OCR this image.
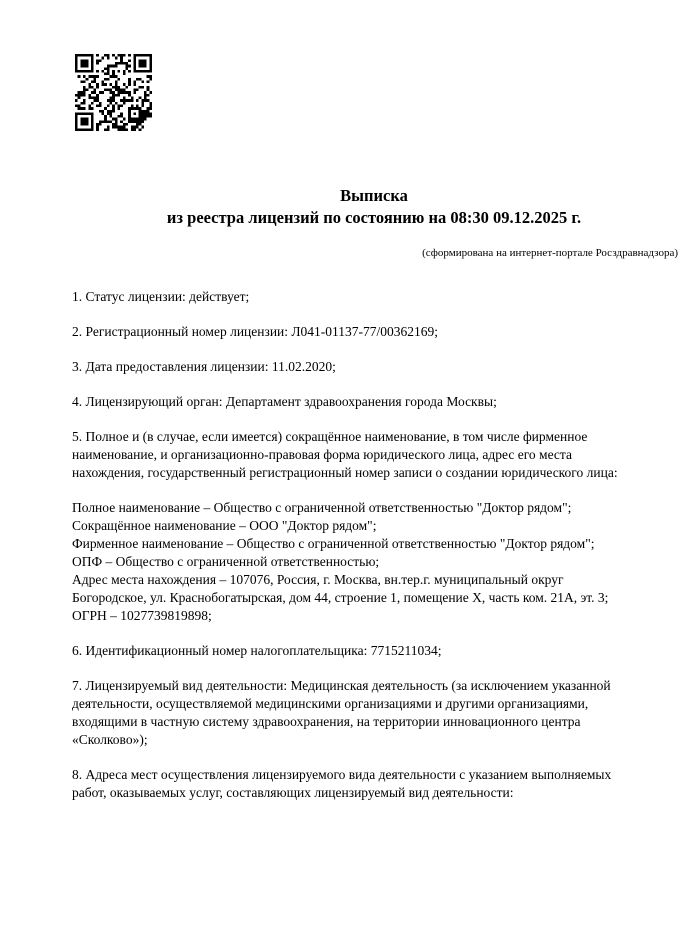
Выписка
из реестра лицензий по состоянию на 08:30 09.12.2025 г.
(сформирована на интернет-портале Росздравнадзора)
1. Статус лицензии: действует;
2. Регистрационный номер лицензии: Л041-01137-77/00362169;
3. Дата предоставления лицензии: 11.02.2020;
4. Лицензирующий орган: Департамент здравоохранения города Москвы;
5. Полное и (в случае, если имеется) сокращённое наименование, в том числе фирменное
наименование, и организационно-правовая форма юридического лица, адрес его места
нахождения, государственный регистрационный номер записи о создании юридического лица:
Полное наименование – Общество с ограниченной ответственностью "Доктор рядом";
Сокращённое наименование – ООО "Доктор рядом";
Фирменное наименование – Общество с ограниченной ответственностью "Доктор рядом";
ОПФ – Общество с ограниченной ответственностью;
Адрес места нахождения – 107076, Россия, г. Москва, вн.тер.г. муниципальный округ
Богородское, ул. Краснобогатырская, дом 44, строение 1, помещение X, часть ком. 21А, эт. 3;
ОГРН – 1027739819898;
6. Идентификационный номер налогоплательщика: 7715211034;
7. Лицензируемый вид деятельности: Медицинская деятельность (за исключением указанной
деятельности, осуществляемой медицинскими организациями и другими организациями,
входящими в частную систему здравоохранения, на территории инновационного центра
«Сколково»);
8. Адреса мест осуществления лицензируемого вида деятельности с указанием выполняемых
работ, оказываемых услуг, составляющих лицензируемый вид деятельности:
